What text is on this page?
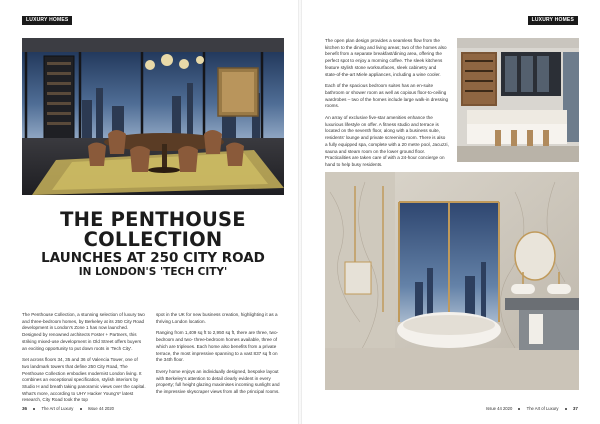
LUXURY HOMES
THE PENTHOUSE
COLLECTION
LAUNCHES AT 250 CITY ROAD
IN LONDON'S 'TECH CITY'

The Penthouse Collection, a stunning selection of luxury two and three-bedroom homes, by Berkeley at its 250 City Road development in London's Zone 1 has now launched. Designed by renowned architects Foster + Partners, this striking mixed-use development in Old Street offers buyers an exciting opportunity to put down roots in 'Tech City'.

Set across floors 34, 35 and 36 of Valencia Tower, one of two landmark towers that define 250 City Road, The Penthouse Collection embodies modernist London living. It combines an exceptional specification, stylish interiors by Studio H and breath taking panoramic views over the capital. What's more, according to UHY Hacker Young's* latest research, City Road took the top

spot in the UK for new business creation, highlighting it as a thriving London location.

Ranging from 1,409 sq ft to 2,950 sq ft, there are three, two-bedroom and two- three-bedroom homes available, three of which are triplexes. Each home also benefits from a private terrace, the most impressive spanning to a vast 837 sq ft on the 34th floor.

Every home enjoys an individually designed, bespoke layout with Berkeley's attention to detail clearly evident in every property; full height glazing maximises incoming sunlight and the impressive skyscraper views from all the principal rooms.

36	The Art of Luxury	Issue 44 2020
LUXURY HOMES

The open plan design provides a seamless flow from the kitchen to the dining and living areas; two of the homes also benefit from a separate breakfast/dining area, offering the perfect spot to enjoy a morning coffee. The sleek kitchens feature stylish stone worksurfaces, sleek cabinetry and state-of-the-art Miele appliances, including a wine cooler.

Each of the spacious bedroom suites has an en-suite bathroom or shower room as well as copious floor-to-ceiling wardrobes – two of the homes include large walk-in dressing rooms.

An array of exclusive five-star amenities enhance the luxurious lifestyle on offer. A fitness studio and terrace is located on the seventh floor, along with a business suite, residents' lounge and private screening room. There is also a fully equipped spa, complete with a 20 metre pool, Jacuzzi, sauna and steam room on the lower ground floor. Practicalities are taken care of with a 24-hour concierge on hand to help busy residents.

Issue 44 2020	The Art of Luxury	37
